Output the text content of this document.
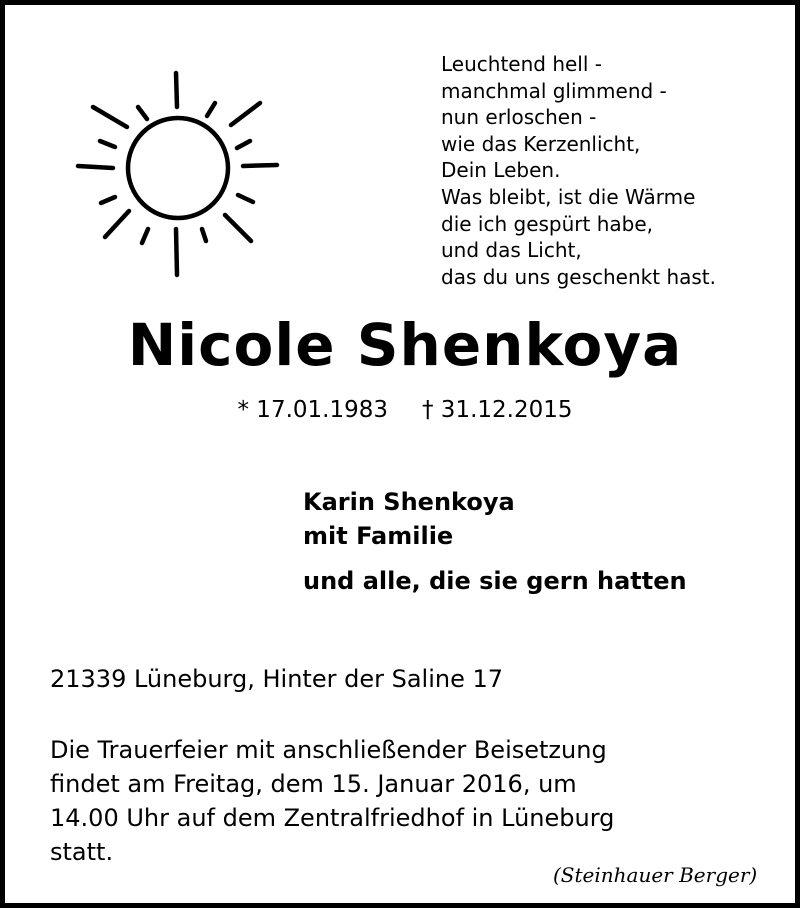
Leuchtend hell -
manchmal glimmend -
nun erloschen -
wie das Kerzenlicht,
Dein Leben.
Was bleibt, ist die Wärme
die ich gespürt habe,
und das Licht,
das du uns geschenkt hast.
Nicole Shenkoya
* 17.01.1983 † 31.12.2015
Karin Shenkoya
mit Familie
und alle, die sie gern hatten
21339 Lüneburg, Hinter der Saline 17
Die Trauerfeier mit anschließender Beisetzung
findet am Freitag, dem 15. Januar 2016, um
14.00 Uhr auf dem Zentralfriedhof in Lüneburg
statt.
(Steinhauer Berger)
